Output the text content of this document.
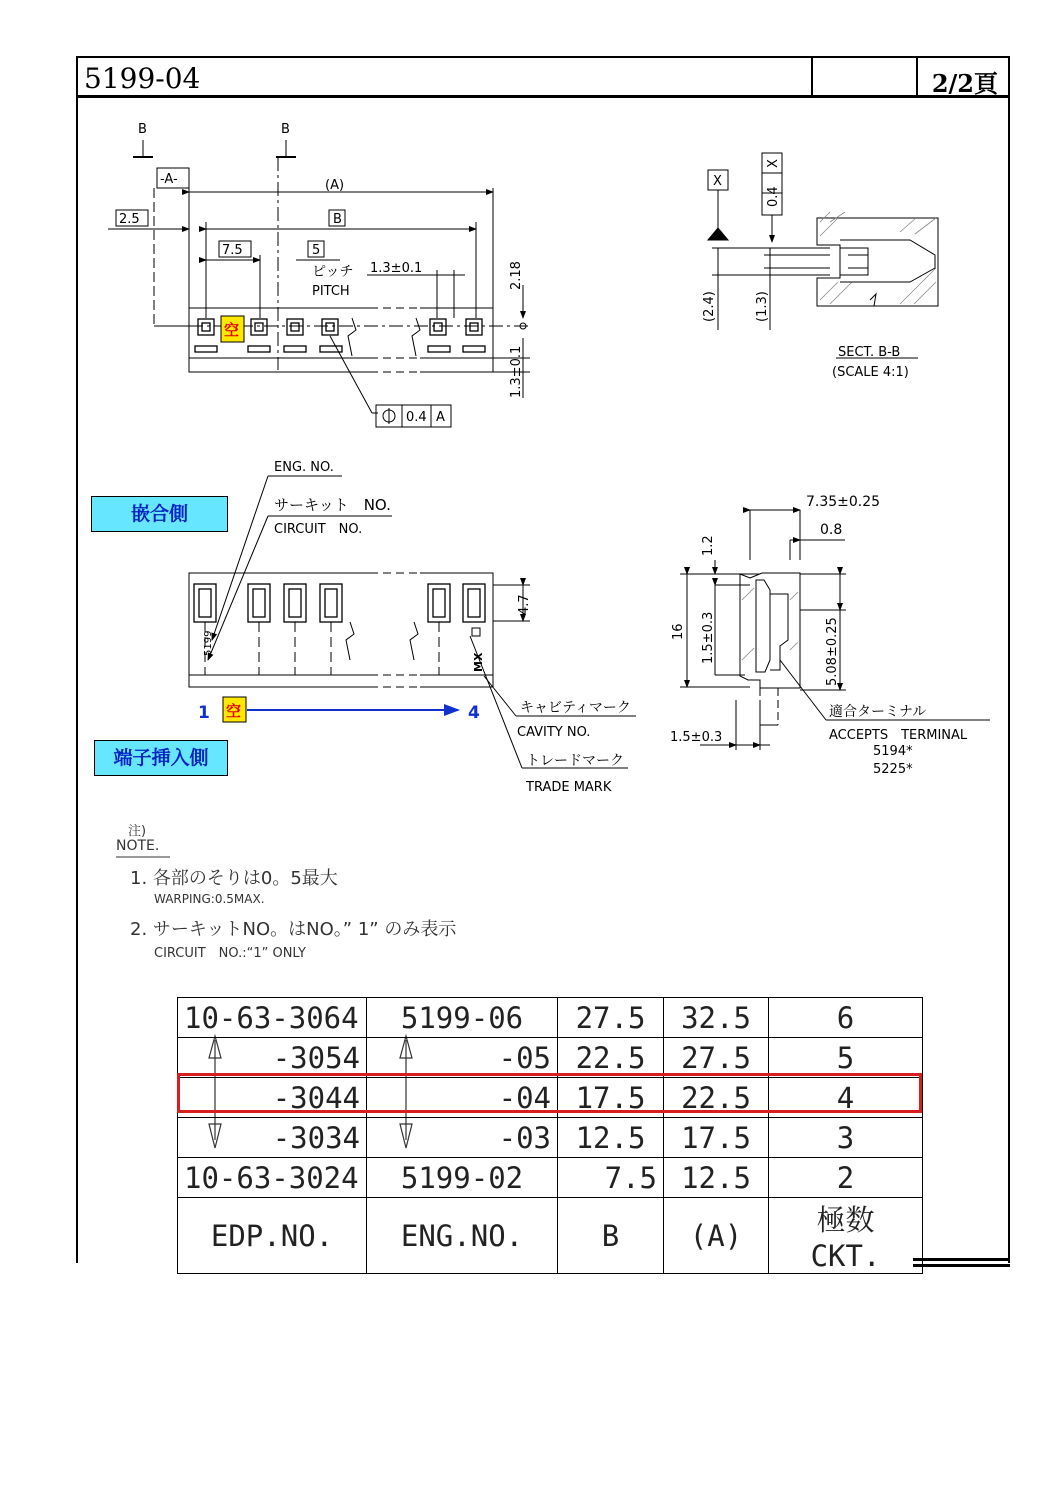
5199-04	2/2頁
B	B
-A-	(A)
2.5	B
7.5	5
ピッチ
PITCH
1.3±0.1	2.18
1.3±0.1
0.4 A
空
X
0.4
X
(2.4)	(1.3)
SECT. B-B
(SCALE 4:1)
ENG. NO.
サーキット　NO.
CIRCUIT　NO.
4.7
5199
MX
キャビティマーク
CAVITY NO.
トレードマーク
TRADE MARK
1 空	4
7.35±0.25
0.8
1.2
16 1.5±0.3	5.08±0.25
1.5±0.3
適合ターミナル
ACCEPTS　TERMINAL
5194*
5225*
嵌合側
端子挿入側
注)
NOTE.
1. 各部のそりは0。5最大
WARPING:0.5MAX.
2. サーキットNO。はNO。” 1” のみ表示
CIRCUIT　NO.:“1” ONLY
10-63-3064	5199-06	27.5	32.5	6
-3054	-05	22.5	27.5	5
-3044	-04	17.5	22.5	4
-3034	-03	12.5	17.5	3
10-63-3024	5199-02	7.5	12.5	2
EDP.NO.	ENG.NO.	B	(A)	極数 CKT.
